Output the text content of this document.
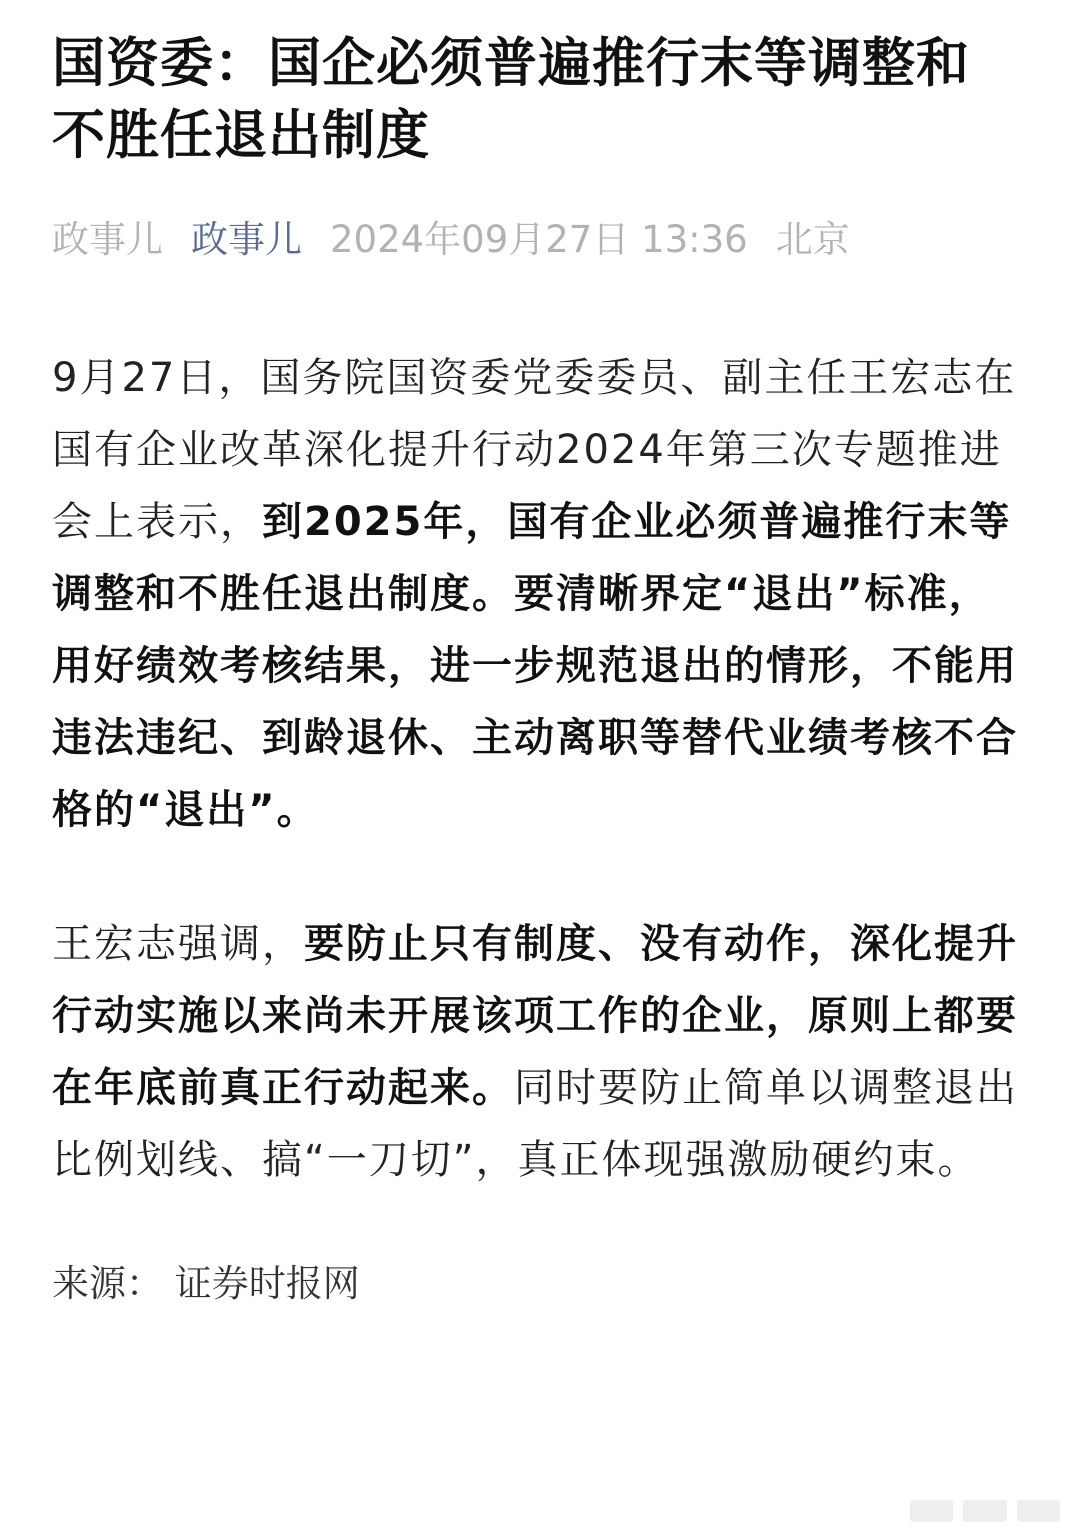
国资委：国企必须普遍推行末等调整和不胜任退出制度
政事儿 政事儿 2024年09月27日 13:36 北京

9月27日，国务院国资委党委委员、副主任王宏志在国有企业改革深化提升行动2024年第三次专题推进会上表示，到2025年，国有企业必须普遍推行末等调整和不胜任退出制度。要清晰界定“退出”标准，用好绩效考核结果，进一步规范退出的情形，不能用违法违纪、到龄退休、主动离职等替代业绩考核不合格的“退出”。

王宏志强调，要防止只有制度、没有动作，深化提升行动实施以来尚未开展该项工作的企业，原则上都要在年底前真正行动起来。同时要防止简单以调整退出比例划线、搞“一刀切”，真正体现强激励硬约束。

来源： 证券时报网
